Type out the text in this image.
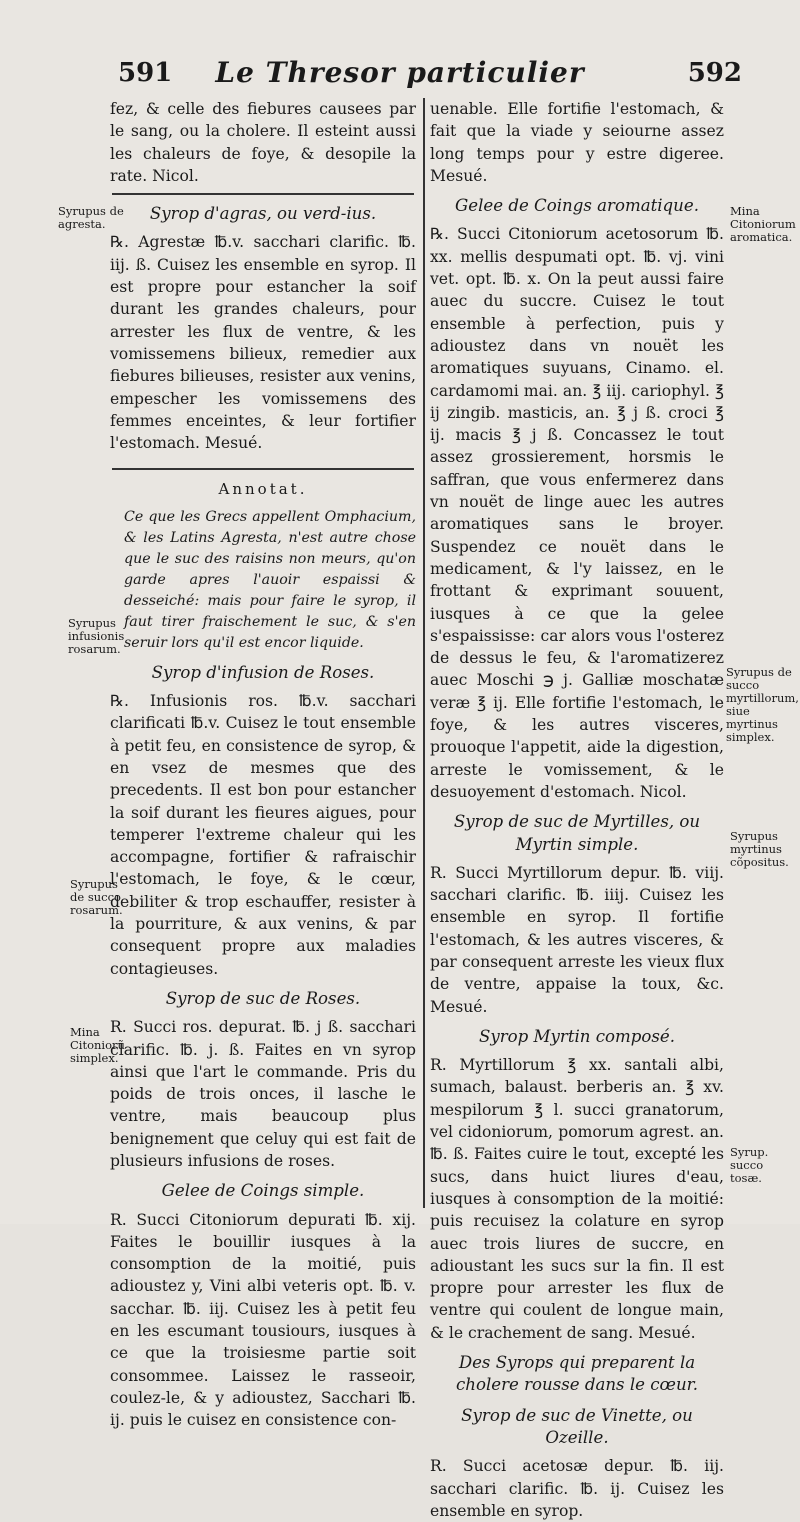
591	Le Thresor particulier	592

fez, & celle des fiebures causees par le sang, ou la cholere. Il esteint aussi les chaleurs de foye, & desopile la rate. Nicol.

Syrop d'agras, ou verd-ius.

℞. Agrestæ ℔.v. sacchari clarific. ℔. iij. ß. Cuisez les ensemble en syrop. Il est propre pour estancher la soif durant les grandes chaleurs, pour arrester les flux de ventre, & les vomissemens bilieux, remedier aux fiebures bilieuses, resister aux venins, empescher les vomissemens des femmes enceintes, & leur fortifier l'estomach. Mesué.

Annotat.

Ce que les Grecs appellent Omphacium, & les Latins Agresta, n'est autre chose que le suc des raisins non meurs, qu'on garde apres l'auoir espaissi & desseiché: mais pour faire le syrop, il faut tirer fraischement le suc, & s'en seruir lors qu'il est encor liquide.

Syrop d'infusion de Roses.

℞. Infusionis ros. ℔.v. sacchari clarificati ℔.v. Cuisez le tout ensemble à petit feu, en consistence de syrop, & en vsez de mesmes que des precedents. Il est bon pour estancher la soif durant les fieures aigues, pour temperer l'extreme chaleur qui les accompagne, fortifier & rafraischir l'estomach, le foye, & le cœur, debiliter & trop eschauffer, resister à la pourriture, & aux venins, & par consequent propre aux maladies contagieuses.

Syrop de suc de Roses.

R. Succi ros. depurat. ℔. j ß. sacchari clarific. ℔. j. ß. Faites en vn syrop ainsi que l'art le commande. Pris du poids de trois onces, il lasche le ventre, mais beaucoup plus benignement que celuy qui est fait de plusieurs infusions de roses.

Gelee de Coings simple.

R. Succi Citoniorum depurati ℔. xij. Faites le bouillir iusques à la consomption de la moitié, puis adioustez y, Vini albi veteris opt. ℔. v. sacchar. ℔. iij. Cuisez les à petit feu en les escumant tousiours, iusques à ce que la troisiesme partie soit consommee. Laissez le rasseoir, coulez-le, & y adioustez, Sacchari ℔. ij. puis le cuisez en consistence con-

uenable. Elle fortifie l'estomach, & fait que la viade y seiourne assez long temps pour y estre digeree. Mesué.

Gelee de Coings aromatique.

℞. Succi Citoniorum acetosorum ℔. xx. mellis despumati opt. ℔. vj. vini vet. opt. ℔. x. On la peut aussi faire auec du succre. Cuisez le tout ensemble à perfection, puis y adioustez dans vn nouët les aromatiques suyuans, Cinamo. el. cardamomi mai. an. ℥ iij. cariophyl. ℥ ij zingib. masticis, an. ℥ j ß. croci ℥ ij. macis ℥ j ß. Concassez le tout assez grossierement, horsmis le saffran, que vous enfermerez dans vn nouët de linge auec les autres aromatiques sans le broyer. Suspendez ce nouët dans le medicament, & l'y laissez, en le frottant & exprimant souuent, iusques à ce que la gelee s'espaississe: car alors vous l'osterez de dessus le feu, & l'aromatizerez auec Moschi ℈ j. Galliæ moschatæ veræ ℥ ij. Elle fortifie l'estomach, le foye, & les autres visceres, prouoque l'appetit, aide la digestion, arreste le vomissement, & le desuoyement d'estomach. Nicol.

Syrop de suc de Myrtilles, ou Myrtin simple.

R. Succi Myrtillorum depur. ℔. viij. sacchari clarific. ℔. iiij. Cuisez les ensemble en syrop. Il fortifie l'estomach, & les autres visceres, & par consequent arreste les vieux flux de ventre, appaise la toux, &c. Mesué.

Syrop Myrtin composé.

R. Myrtillorum ℥ xx. santali albi, sumach, balaust. berberis an. ℥ xv. mespilorum ℥ l. succi granatorum, vel cidoniorum, pomorum agrest. an. ℔. ß. Faites cuire le tout, excepté les sucs, dans huict liures d'eau, iusques à consomption de la moitié: puis recuisez la colature en syrop auec trois liures de succre, en adioustant les sucs sur la fin. Il est propre pour arrester les flux de ventre qui coulent de longue main, & le crachement de sang. Mesué.

Des Syrops qui preparent la cholere rousse dans le cœur.
Syrop de suc de Vinette, ou Ozeille.

R. Succi acetosæ depur. ℔. iij. sacchari clarific. ℔. ij. Cuisez les ensemble en syrop.

Syrupus de agresta.
Syrupus infusionis rosarum.
Syrupus de succo rosarum.
Mina Citoniorũ simplex.
Mina Citoniorum aromatica.
Syrupus de succo myrtillorum, siue myrtinus simplex.
Syrupus myrtinus cõpositus.
Syrup. succo tosæ.
